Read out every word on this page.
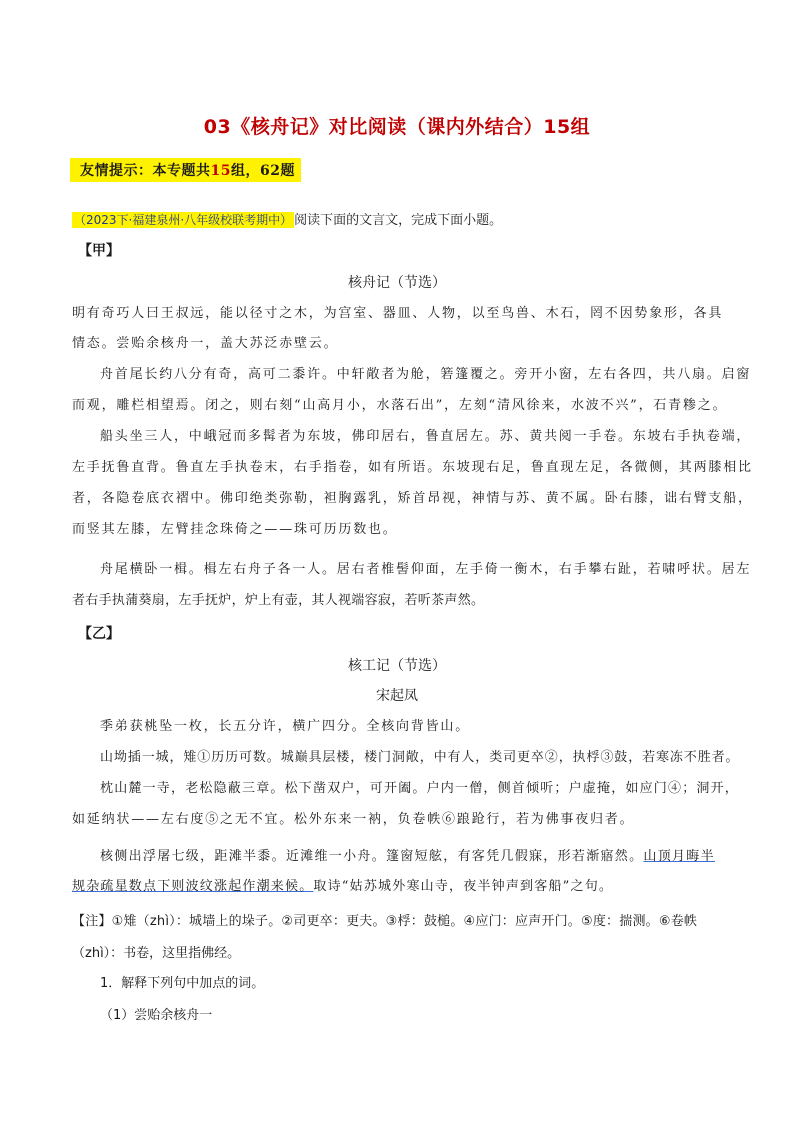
03《核舟记》对比阅读（课内外结合）15组
友情提示：本专题共15组，62题
（2023下·福建泉州·八年级校联考期中） 阅读下面的文言文，完成下面小题。
【甲】
核舟记（节选）
明有奇巧人曰王叔远，能以径寸之木，为宫室、器皿、人物，以至鸟兽、木石，罔不因势象形，各具
情态。尝贻余核舟一，盖大苏泛赤壁云。
舟首尾长约八分有奇，高可二黍许。中轩敞者为舱，箬篷覆之。旁开小窗，左右各四，共八扇。启窗
而观，雕栏相望焉。闭之，则右刻“山高月小，水落石出”，左刻“清风徐来，水波不兴”，石青糁之。
船头坐三人，中峨冠而多髯者为东坡，佛印居右，鲁直居左。苏、黄共阅一手卷。东坡右手执卷端，
左手抚鲁直背。鲁直左手执卷末，右手指卷，如有所语。东坡现右足，鲁直现左足，各微侧，其两膝相比
者，各隐卷底衣褶中。佛印绝类弥勒，袒胸露乳，矫首昂视，神情与苏、黄不属。卧右膝，诎右臂支船，
而竖其左膝，左臂挂念珠倚之——珠可历历数也。
舟尾横卧一楫。楫左右舟子各一人。居右者椎髻仰面，左手倚一衡木，右手攀右趾，若啸呼状。居左
者右手执蒲葵扇，左手抚炉，炉上有壶，其人视端容寂，若听茶声然。
【乙】
核工记（节选）
宋起凤
季弟获桃坠一枚，长五分许，横广四分。全核向背皆山。
山坳插一城，雉①历历可数。城巅具层楼，楼门洞敞，中有人，类司更卒②，执桴③鼓，若寒冻不胜者。
枕山麓一寺，老松隐蔽三章。松下凿双户，可开阖。户内一僧，侧首倾听；户虚掩，如应门④；洞开，
如延纳状——左右度⑤之无不宜。松外东来一衲，负卷帙⑥踉跄行，若为佛事夜归者。
核侧出浮屠七级，距滩半黍。近滩维一小舟。篷窗短舷，有客凭几假寐，形若渐寤然。山顶月晦半
规杂疏星数点下则波纹涨起作潮来候。取诗“姑苏城外寒山寺，夜半钟声到客船”之句。
【注】①雉（zhì）：城墙上的垛子。②司更卒：更夫。③桴：鼓槌。④应门：应声开门。⑤度：揣测。⑥卷帙
（zhì）：书卷，这里指佛经。
1．解释下列句中加点的词。
（1）尝贻余核舟一
